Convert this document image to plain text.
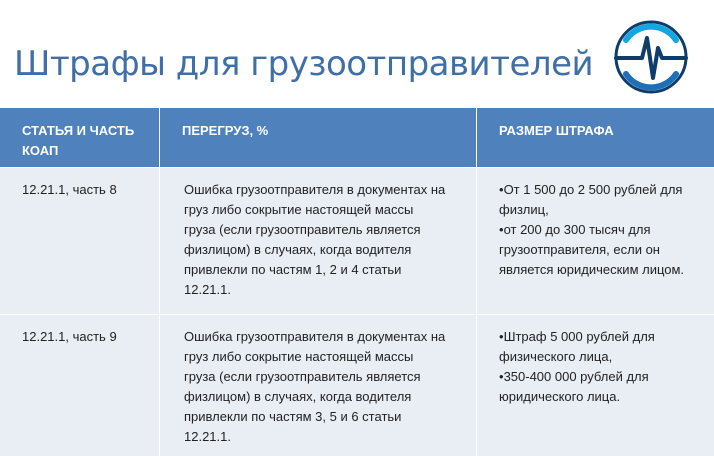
Штрафы для грузоотправителей
СТАТЬЯ И ЧАСТЬ КОАП	ПЕРЕГРУЗ, %	РАЗМЕР ШТРАФА
12.21.1, часть 8	Ошибка грузоотправителя в документах на груз либо сокрытие настоящей массы груза (если грузоотправитель является физлицом) в случаях, когда водителя привлекли по частям 1, 2 и 4 статьи 12.21.1.	• От 1 500 до 2 500 рублей для физлиц,
• от 200 до 300 тысяч для грузоотправителя, если он является юридическим лицом.

12.21.1, часть 9	Ошибка грузоотправителя в документах на груз либо сокрытие настоящей массы груза (если грузоотправитель является физлицом) в случаях, когда водителя привлекли по частям 3, 5 и 6 статьи 12.21.1.	• Штраф 5 000 рублей для физического лица,
• 350-400 000 рублей для юридического лица.
